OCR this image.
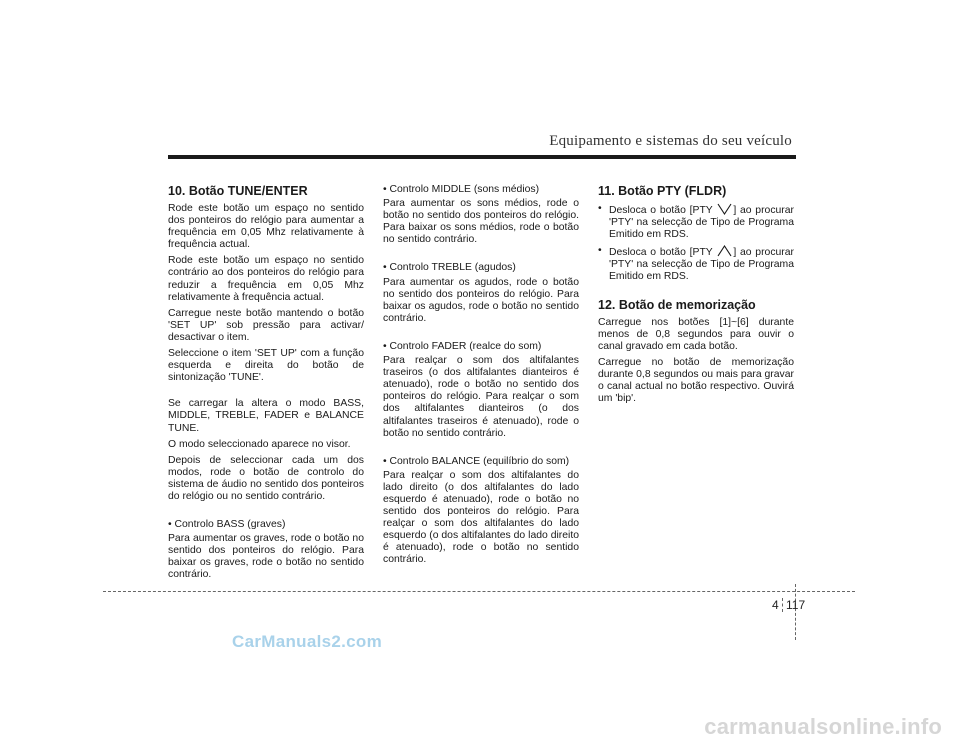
Equipamento e sistemas do seu veículo
10. Botão TUNE/ENTER
Rode este botão um espaço no sentido dos ponteiros do relógio para aumentar a frequência em 0,05 Mhz relativamente à frequência actual.
Rode este botão um espaço no sentido contrário ao dos ponteiros do relógio para reduzir a frequência em 0,05 Mhz relativamente à frequência actual.
Carregue neste botão mantendo o botão 'SET UP' sob pressão para activar/ desactivar o item.
Seleccione o item 'SET UP' com a função esquerda e direita do botão de sintonização 'TUNE'.
Se carregar la altera o modo BASS, MIDDLE, TREBLE, FADER e BALANCE TUNE.
O modo seleccionado aparece no visor.
Depois de seleccionar cada um dos modos, rode o botão de controlo do sistema de áudio no sentido dos ponteiros do relógio ou no sentido contrário.
• Controlo BASS (graves)
Para aumentar os graves, rode o botão no sentido dos ponteiros do relógio. Para baixar os graves, rode o botão no sentido contrário.
• Controlo MIDDLE (sons médios)
Para aumentar os sons médios, rode o botão no sentido dos ponteiros do relógio. Para baixar os sons médios, rode o botão no sentido contrário.
• Controlo TREBLE (agudos)
Para aumentar os agudos, rode o botão no sentido dos ponteiros do relógio. Para baixar os agudos, rode o botão no sentido contrário.
• Controlo FADER (realce do som)
Para realçar o som dos altifalantes traseiros (o dos altifalantes dianteiros é atenuado), rode o botão no sentido dos ponteiros do relógio. Para realçar o som dos altifalantes dianteiros (o dos altifalantes traseiros é atenuado), rode o botão no sentido contrário.
• Controlo BALANCE (equilíbrio do som)
Para realçar o som dos altifalantes do lado direito (o dos altifalantes do lado esquerdo é atenuado), rode o botão no sentido dos ponteiros do relógio. Para realçar o som dos altifalantes do lado esquerdo (o dos altifalantes do lado direito é atenuado), rode o botão no sentido contrário.
11. Botão PTY (FLDR)
• Desloca o botão [PTY ] ao procurar 'PTY' na selecção de Tipo de Programa Emitido em RDS.
• Desloca o botão [PTY ] ao procurar 'PTY' na selecção de Tipo de Programa Emitido em RDS.
12. Botão de memorização
Carregue nos botões [1]~[6] durante menos de 0,8 segundos para ouvir o canal gravado em cada botão.
Carregue no botão de memorização durante 0,8 segundos ou mais para gravar o canal actual no botão respectivo. Ouvirá um 'bip'.
4 117
CarManuals2.com
carmanualsonline.info
